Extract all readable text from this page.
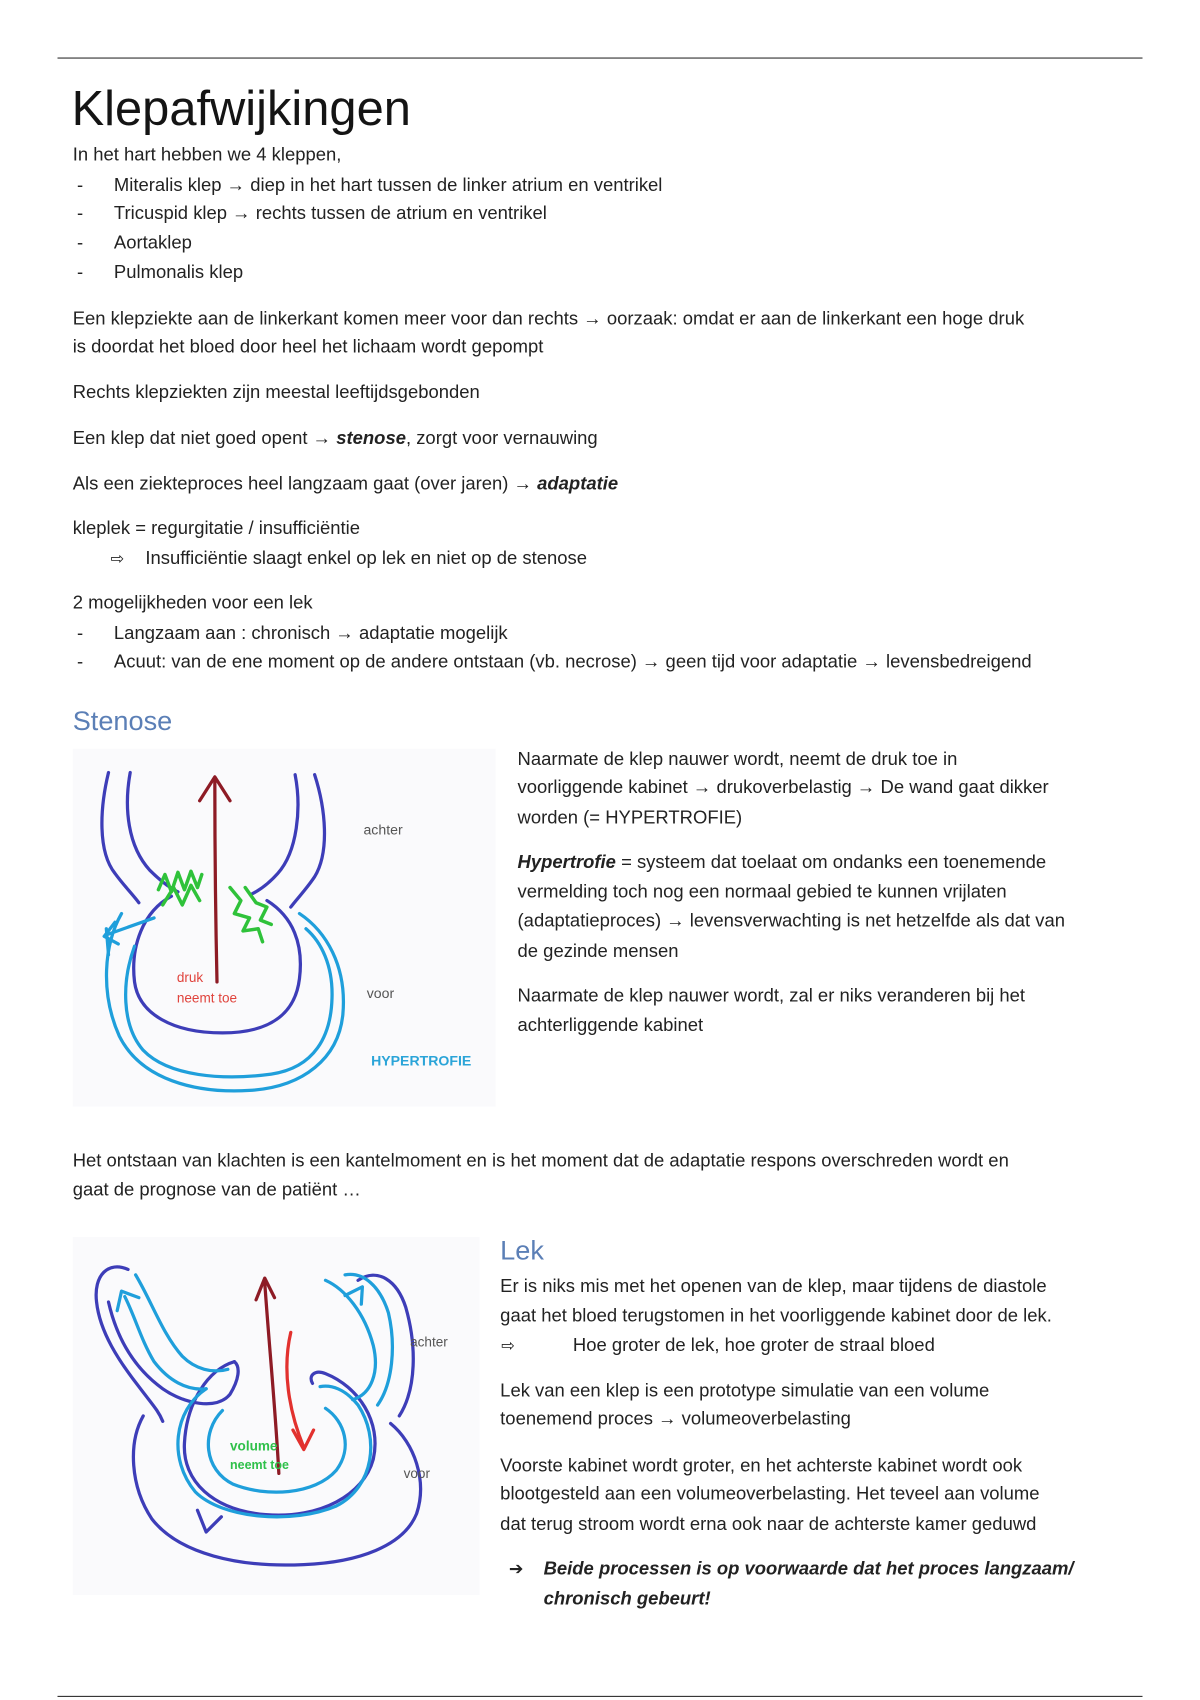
Klepafwijkingen
In het hart hebben we 4 kleppen,
- Miteralis klep → diep in het hart tussen de linker atrium en ventrikel
- Tricuspid klep → rechts tussen de atrium en ventrikel
- Aortaklep
- Pulmonalis klep
Een klepziekte aan de linkerkant komen meer voor dan rechts → oorzaak: omdat er aan de linkerkant een hoge druk
is doordat het bloed door heel het lichaam wordt gepompt
Rechts klepziekten zijn meestal leeftijdsgebonden
Een klep dat niet goed opent → stenose, zorgt voor vernauwing
Als een ziekteproces heel langzaam gaat (over jaren) → adaptatie
kleplek = regurgitatie / insufficiëntie
⇨ Insufficiëntie slaagt enkel op lek en niet op de stenose
2 mogelijkheden voor een lek
- Langzaam aan : chronisch → adaptatie mogelijk
- Acuut: van de ene moment op de andere ontstaan (vb. necrose) → geen tijd voor adaptatie → levensbedreigend
Stenose
achter
voor
HYPERTROFIE
druk
neemt toe
Naarmate de klep nauwer wordt, neemt de druk toe in
voorliggende kabinet → drukoverbelastig → De wand gaat dikker
worden (= HYPERTROFIE)
Hypertrofie = systeem dat toelaat om ondanks een toenemende
vermelding toch nog een normaal gebied te kunnen vrijlaten
(adaptatieproces) → levensverwachting is net hetzelfde als dat van
de gezinde mensen
Naarmate de klep nauwer wordt, zal er niks veranderen bij het
achterliggende kabinet
Het ontstaan van klachten is een kantelmoment en is het moment dat de adaptatie respons overschreden wordt en
gaat de prognose van de patiënt …
achter
voor
volume
neemt toe
Lek
Er is niks mis met het openen van de klep, maar tijdens de diastole
gaat het bloed terugstomen in het voorliggende kabinet door de lek.
⇨	Hoe groter de lek, hoe groter de straal bloed
Lek van een klep is een prototype simulatie van een volume
toenemend proces → volumeoverbelasting
Voorste kabinet wordt groter, en het achterste kabinet wordt ook
blootgesteld aan een volumeoverbelasting. Het teveel aan volume
dat terug stroom wordt erna ook naar de achterste kamer geduwd
➔ Beide processen is op voorwaarde dat het proces langzaam/
chronisch gebeurt!
